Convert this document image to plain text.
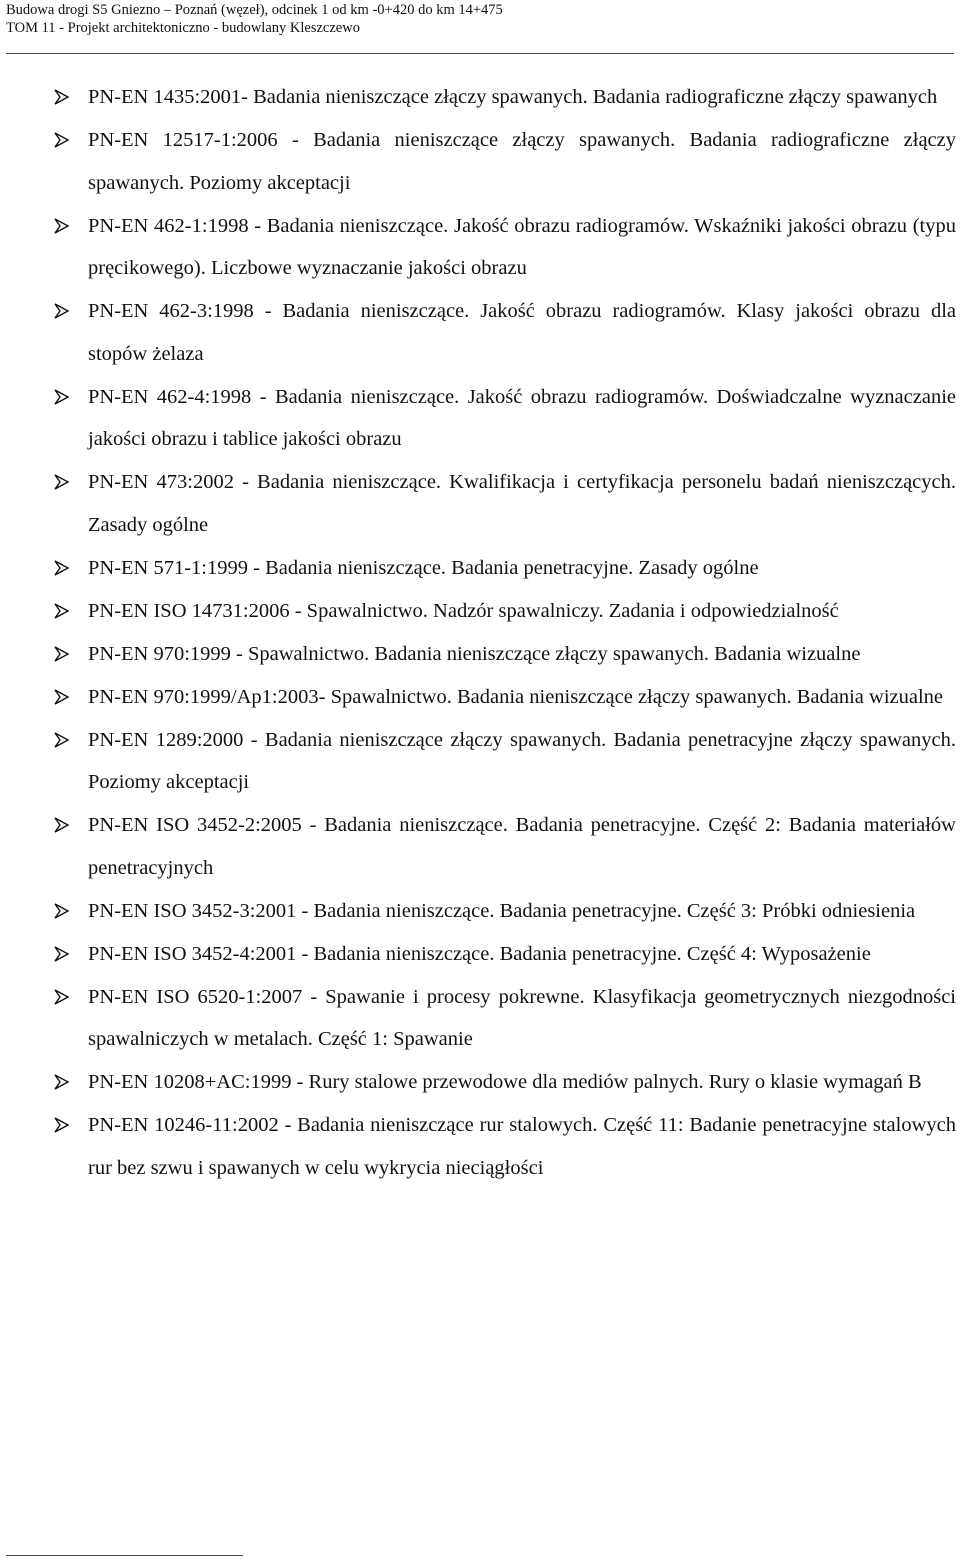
Budowa drogi S5 Gniezno – Poznań (węzeł), odcinek 1 od km -0+420 do km 14+475
TOM 11 - Projekt architektoniczno - budowlany Kleszczewo
PN-EN 1435:2001- Badania nieniszczące złączy spawanych. Badania radiograficzne złączy spawanych
PN-EN 12517-1:2006 - Badania nieniszczące złączy spawanych. Badania radiograficzne złączy spawanych. Poziomy akceptacji
PN-EN 462-1:1998 - Badania nieniszczące. Jakość obrazu radiogramów. Wskaźniki jakości obrazu (typu pręcikowego). Liczbowe wyznaczanie jakości obrazu
PN-EN 462-3:1998 - Badania nieniszczące. Jakość obrazu radiogramów. Klasy jakości obrazu dla stopów żelaza
PN-EN 462-4:1998 - Badania nieniszczące. Jakość obrazu radiogramów. Doświadczalne wyznaczanie jakości obrazu i tablice jakości obrazu
PN-EN 473:2002 - Badania nieniszczące. Kwalifikacja i certyfikacja personelu badań nieniszczących. Zasady ogólne
PN-EN 571-1:1999 - Badania nieniszczące. Badania penetracyjne. Zasady ogólne
PN-EN ISO 14731:2006 - Spawalnictwo. Nadzór spawalniczy. Zadania i odpowiedzialność
PN-EN 970:1999 - Spawalnictwo. Badania nieniszczące złączy spawanych. Badania wizualne
PN-EN 970:1999/Ap1:2003- Spawalnictwo. Badania nieniszczące złączy spawanych. Badania wizualne
PN-EN 1289:2000 - Badania nieniszczące złączy spawanych. Badania penetracyjne złączy spawanych. Poziomy akceptacji
PN-EN ISO 3452-2:2005 - Badania nieniszczące. Badania penetracyjne. Część 2: Badania materiałów penetracyjnych
PN-EN ISO 3452-3:2001 - Badania nieniszczące. Badania penetracyjne. Część 3: Próbki odniesienia
PN-EN ISO 3452-4:2001 - Badania nieniszczące. Badania penetracyjne. Część 4: Wyposażenie
PN-EN ISO 6520-1:2007 - Spawanie i procesy pokrewne. Klasyfikacja geometrycznych niezgodności spawalniczych w metalach. Część 1: Spawanie
PN-EN 10208+AC:1999 - Rury stalowe przewodowe dla mediów palnych. Rury o klasie wymagań B
PN-EN 10246-11:2002 - Badania nieniszczące rur stalowych. Część 11: Badanie penetracyjne stalowych rur bez szwu i spawanych w celu wykrycia nieciągłości
